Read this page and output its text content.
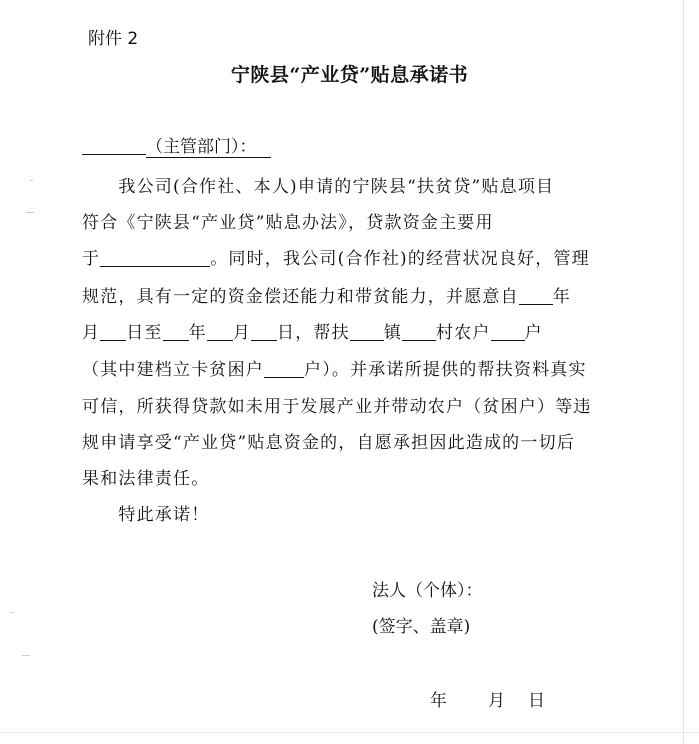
附件 2
宁陕县“产业贷”贴息承诺书
（主管部门）：
　　我公司(合作社、本人)申请的宁陕县“扶贫贷”贴息项目
符合《宁陕县“产业贷”贴息办法》，贷款资金主要用
于	。同时，我公司(合作社)的经营状况良好，管理
规范，具有一定的资金偿还能力和带贫能力，并愿意自 年
月 日至 年 月 日，帮扶 镇 村农户 户
（其中建档立卡贫困户 户）。并承诺所提供的帮扶资料真实
可信，所获得贷款如未用于发展产业并带动农户（贫困户）等违
规申请享受“产业贷”贴息资金的，自愿承担因此造成的一切后
果和法律责任。
　　特此承诺！
法人（个体）：
(签字、盖章)
年 月 日
